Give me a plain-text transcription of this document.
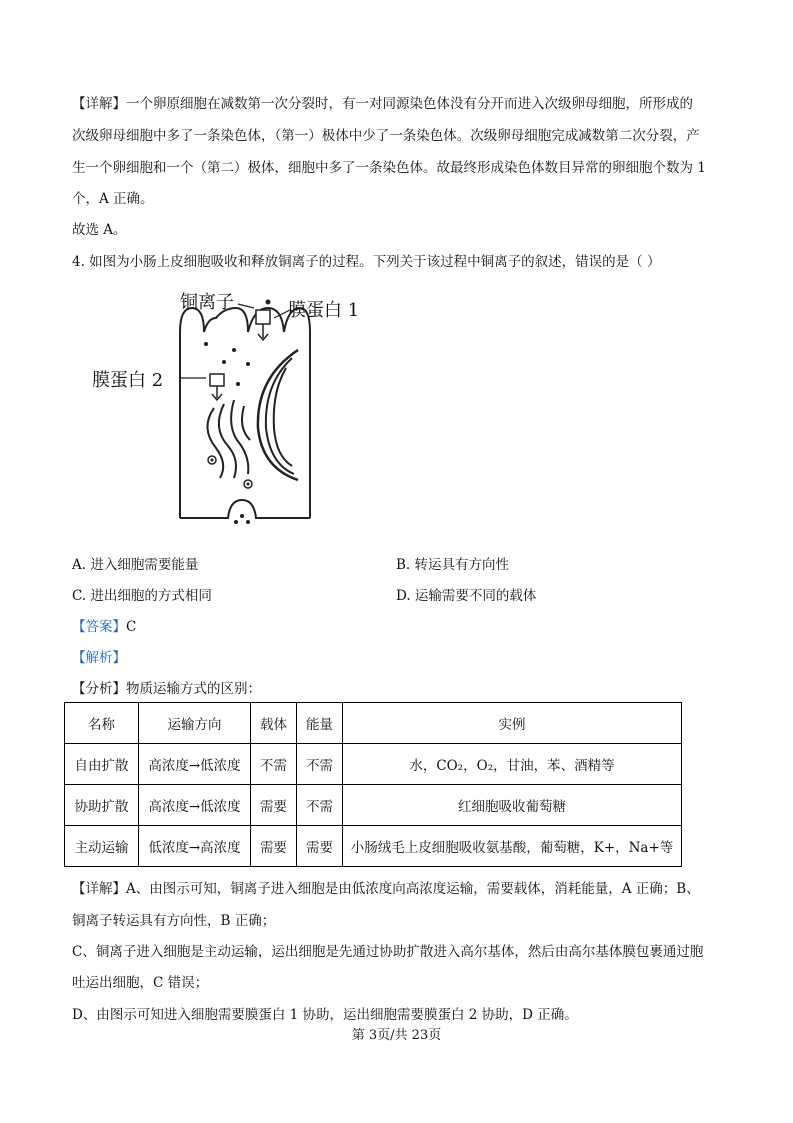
【详解】一个卵原细胞在减数第一次分裂时，有一对同源染色体没有分开而进入次级卵母细胞，所形成的
次级卵母细胞中多了一条染色体，（第一）极体中少了一条染色体。次级卵母细胞完成减数第二次分裂，产
生一个卵细胞和一个（第二）极体，细胞中多了一条染色体。故最终形成染色体数目异常的卵细胞个数为 1
个，A 正确。
故选 A。
4. 如图为小肠上皮细胞吸收和释放铜离子的过程。下列关于该过程中铜离子的叙述，错误的是（ ）
铜离子	膜蛋白 1
膜蛋白 2
A. 进入细胞需要能量	B. 转运具有方向性
C. 进出细胞的方式相同	D. 运输需要不同的载体
【答案】C
【解析】
【分析】物质运输方式的区别：
名称	运输方向	载体	能量	实例
自由扩散	高浓度→低浓度	不需	不需	水，CO₂，O₂，甘油，苯、酒精等
协助扩散	高浓度→低浓度	需要	不需	红细胞吸收葡萄糖
主动运输	低浓度→高浓度	需要	需要	小肠绒毛上皮细胞吸收氨基酸，葡萄糖，K+，Na+等
【详解】A、由图示可知，铜离子进入细胞是由低浓度向高浓度运输，需要载体，消耗能量，A 正确；B、
铜离子转运具有方向性，B 正确；
C、铜离子进入细胞是主动运输，运出细胞是先通过协助扩散进入高尔基体，然后由高尔基体膜包裹通过胞
吐运出细胞，C 错误；
D、由图示可知进入细胞需要膜蛋白 1 协助，运出细胞需要膜蛋白 2 协助，D 正确。
第 3页/共 23页
